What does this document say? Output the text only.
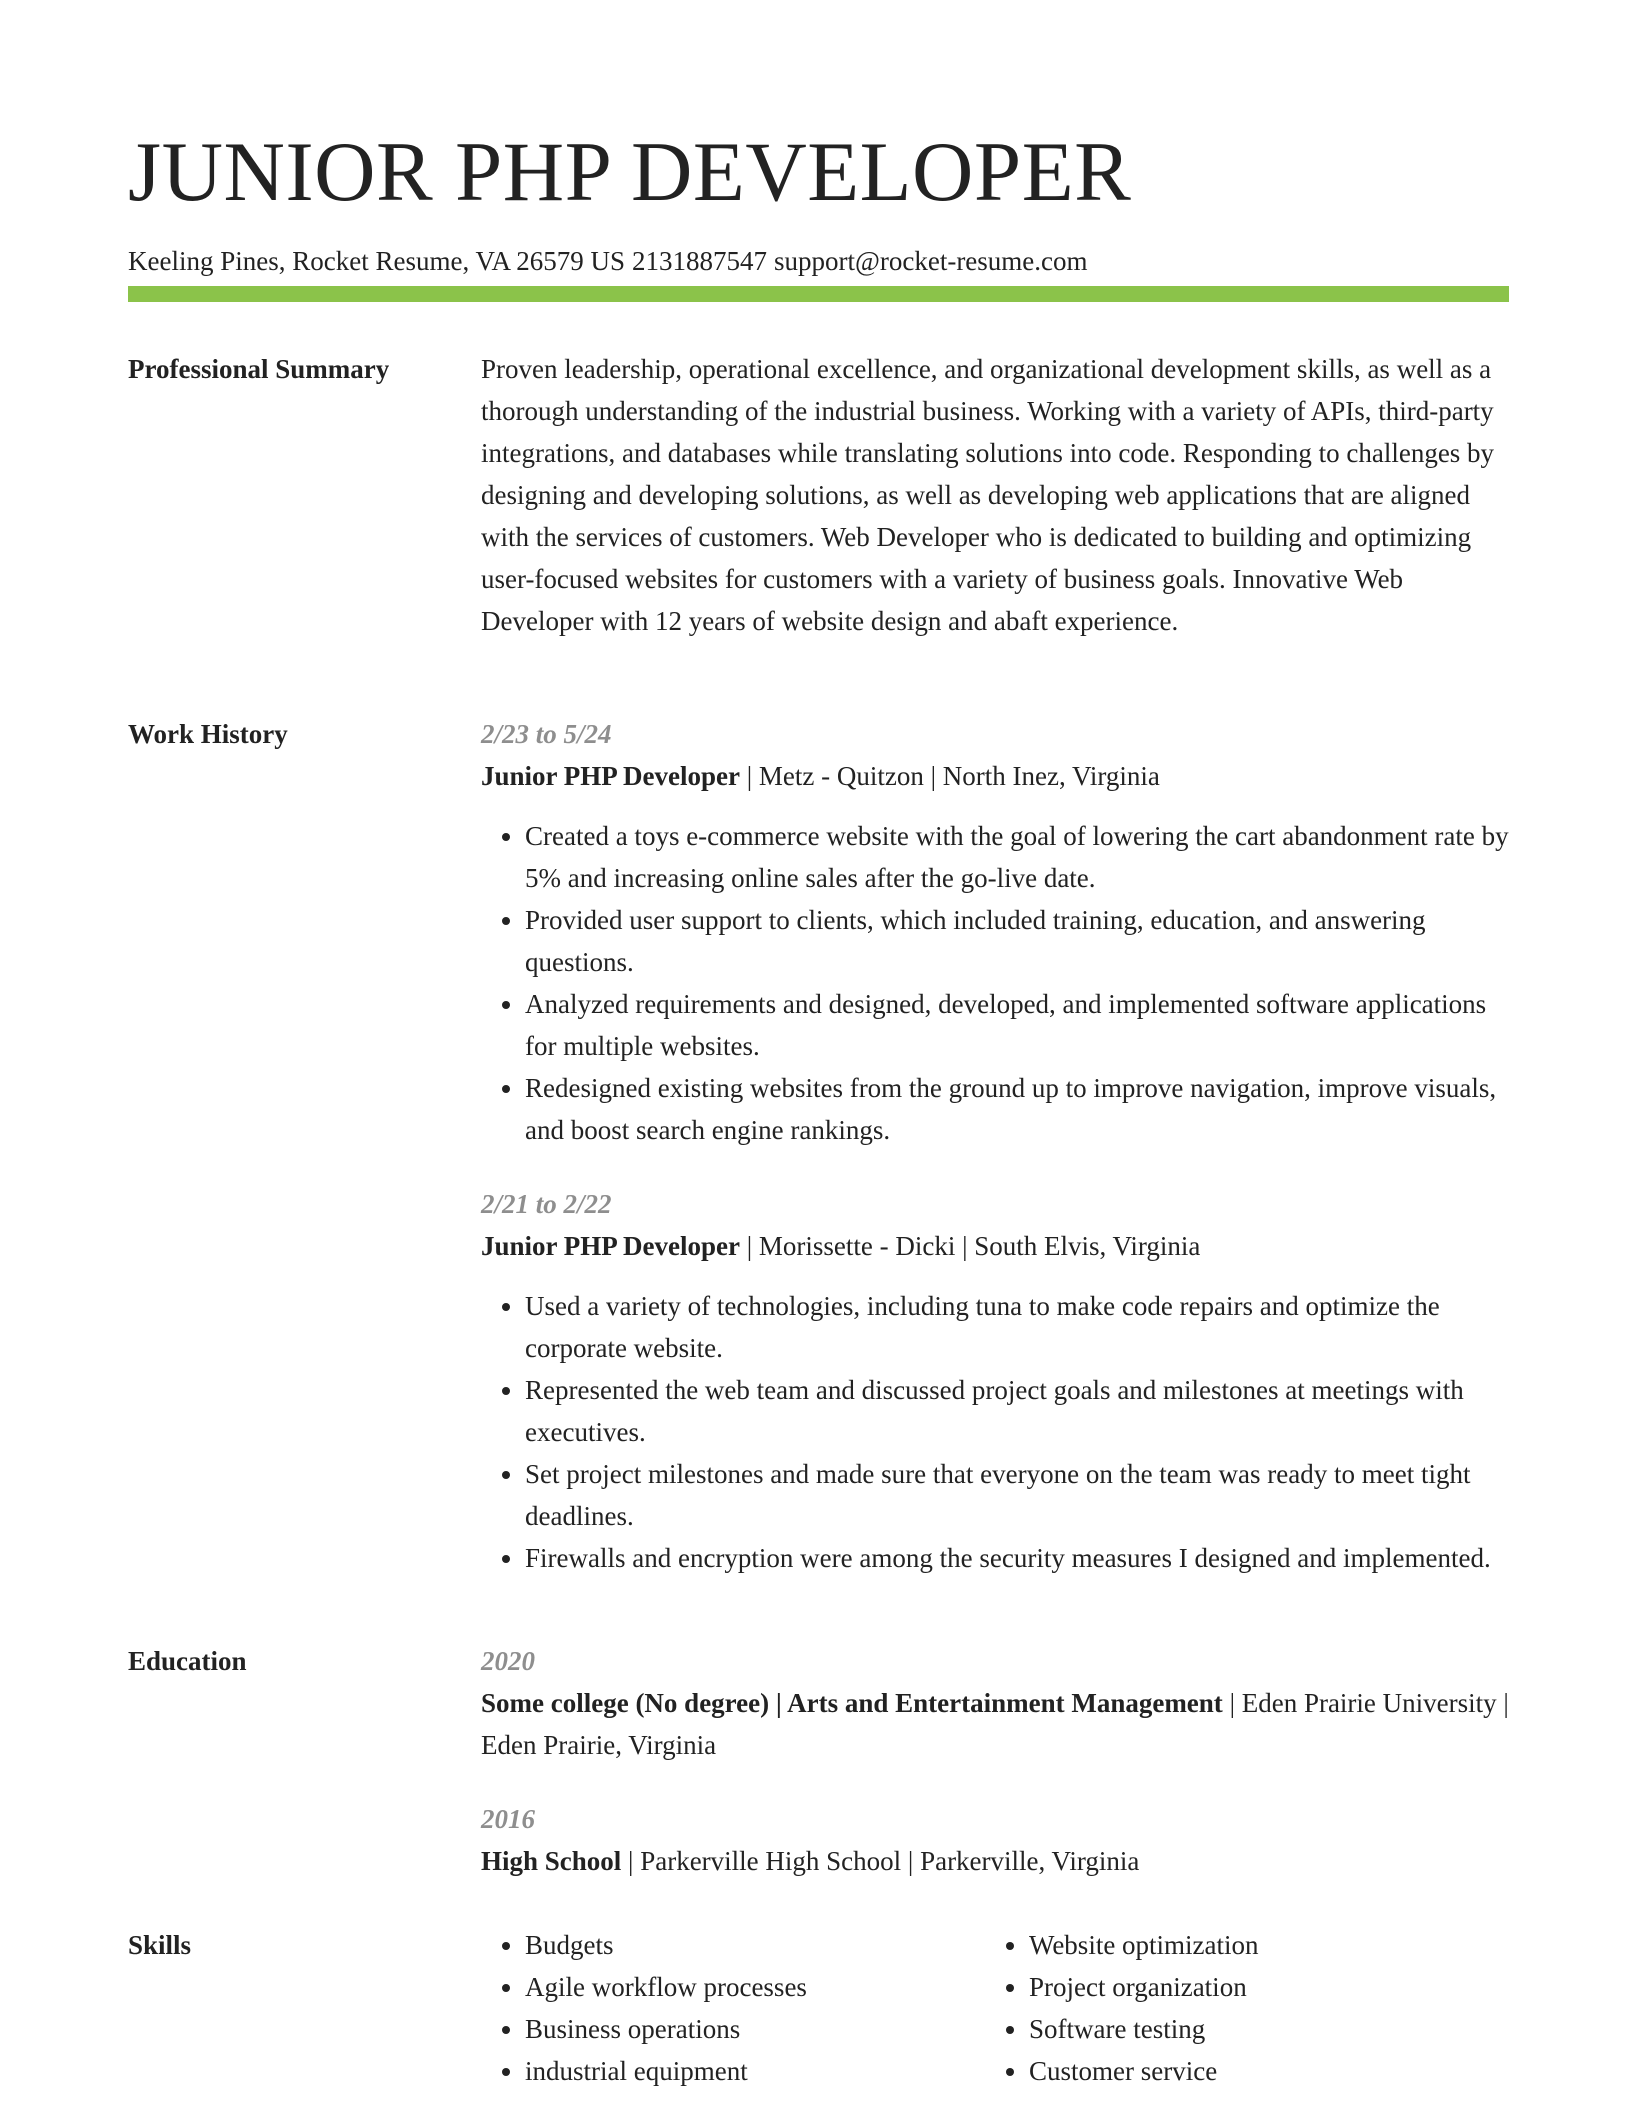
JUNIOR PHP DEVELOPER
Keeling Pines, Rocket Resume, VA 26579 US 2131887547 support@rocket-resume.com
Professional Summary	Proven leadership, operational excellence, and organizational development skills, as well as a thorough understanding of the industrial business. Working with a variety of APIs, third-party integrations, and databases while translating solutions into code. Responding to challenges by designing and developing solutions, as well as developing web applications that are aligned with the services of customers. Web Developer who is dedicated to building and optimizing user-focused websites for customers with a variety of business goals. Innovative Web Developer with 12 years of website design and abaft experience.

Work History	2/23 to 5/24
Junior PHP Developer | Metz - Quitzon | North Inez, Virginia
• Created a toys e-commerce website with the goal of lowering the cart abandonment rate by 5% and increasing online sales after the go-live date.
• Provided user support to clients, which included training, education, and answering questions.
• Analyzed requirements and designed, developed, and implemented software applications for multiple websites.
• Redesigned existing websites from the ground up to improve navigation, improve visuals, and boost search engine rankings.
2/21 to 2/22
Junior PHP Developer | Morissette - Dicki | South Elvis, Virginia
• Used a variety of technologies, including tuna to make code repairs and optimize the corporate website.
• Represented the web team and discussed project goals and milestones at meetings with executives.
• Set project milestones and made sure that everyone on the team was ready to meet tight deadlines.
• Firewalls and encryption were among the security measures I designed and implemented.
Education	2020
Some college (No degree) | Arts and Entertainment Management | Eden Prairie University | Eden Prairie, Virginia
2016
High School | Parkerville High School | Parkerville, Virginia
Skills
•	Budgets
• Agile workflow processes
• Business operations
• industrial equipment
• Website optimization
• Project organization
• Software testing
• Customer service
